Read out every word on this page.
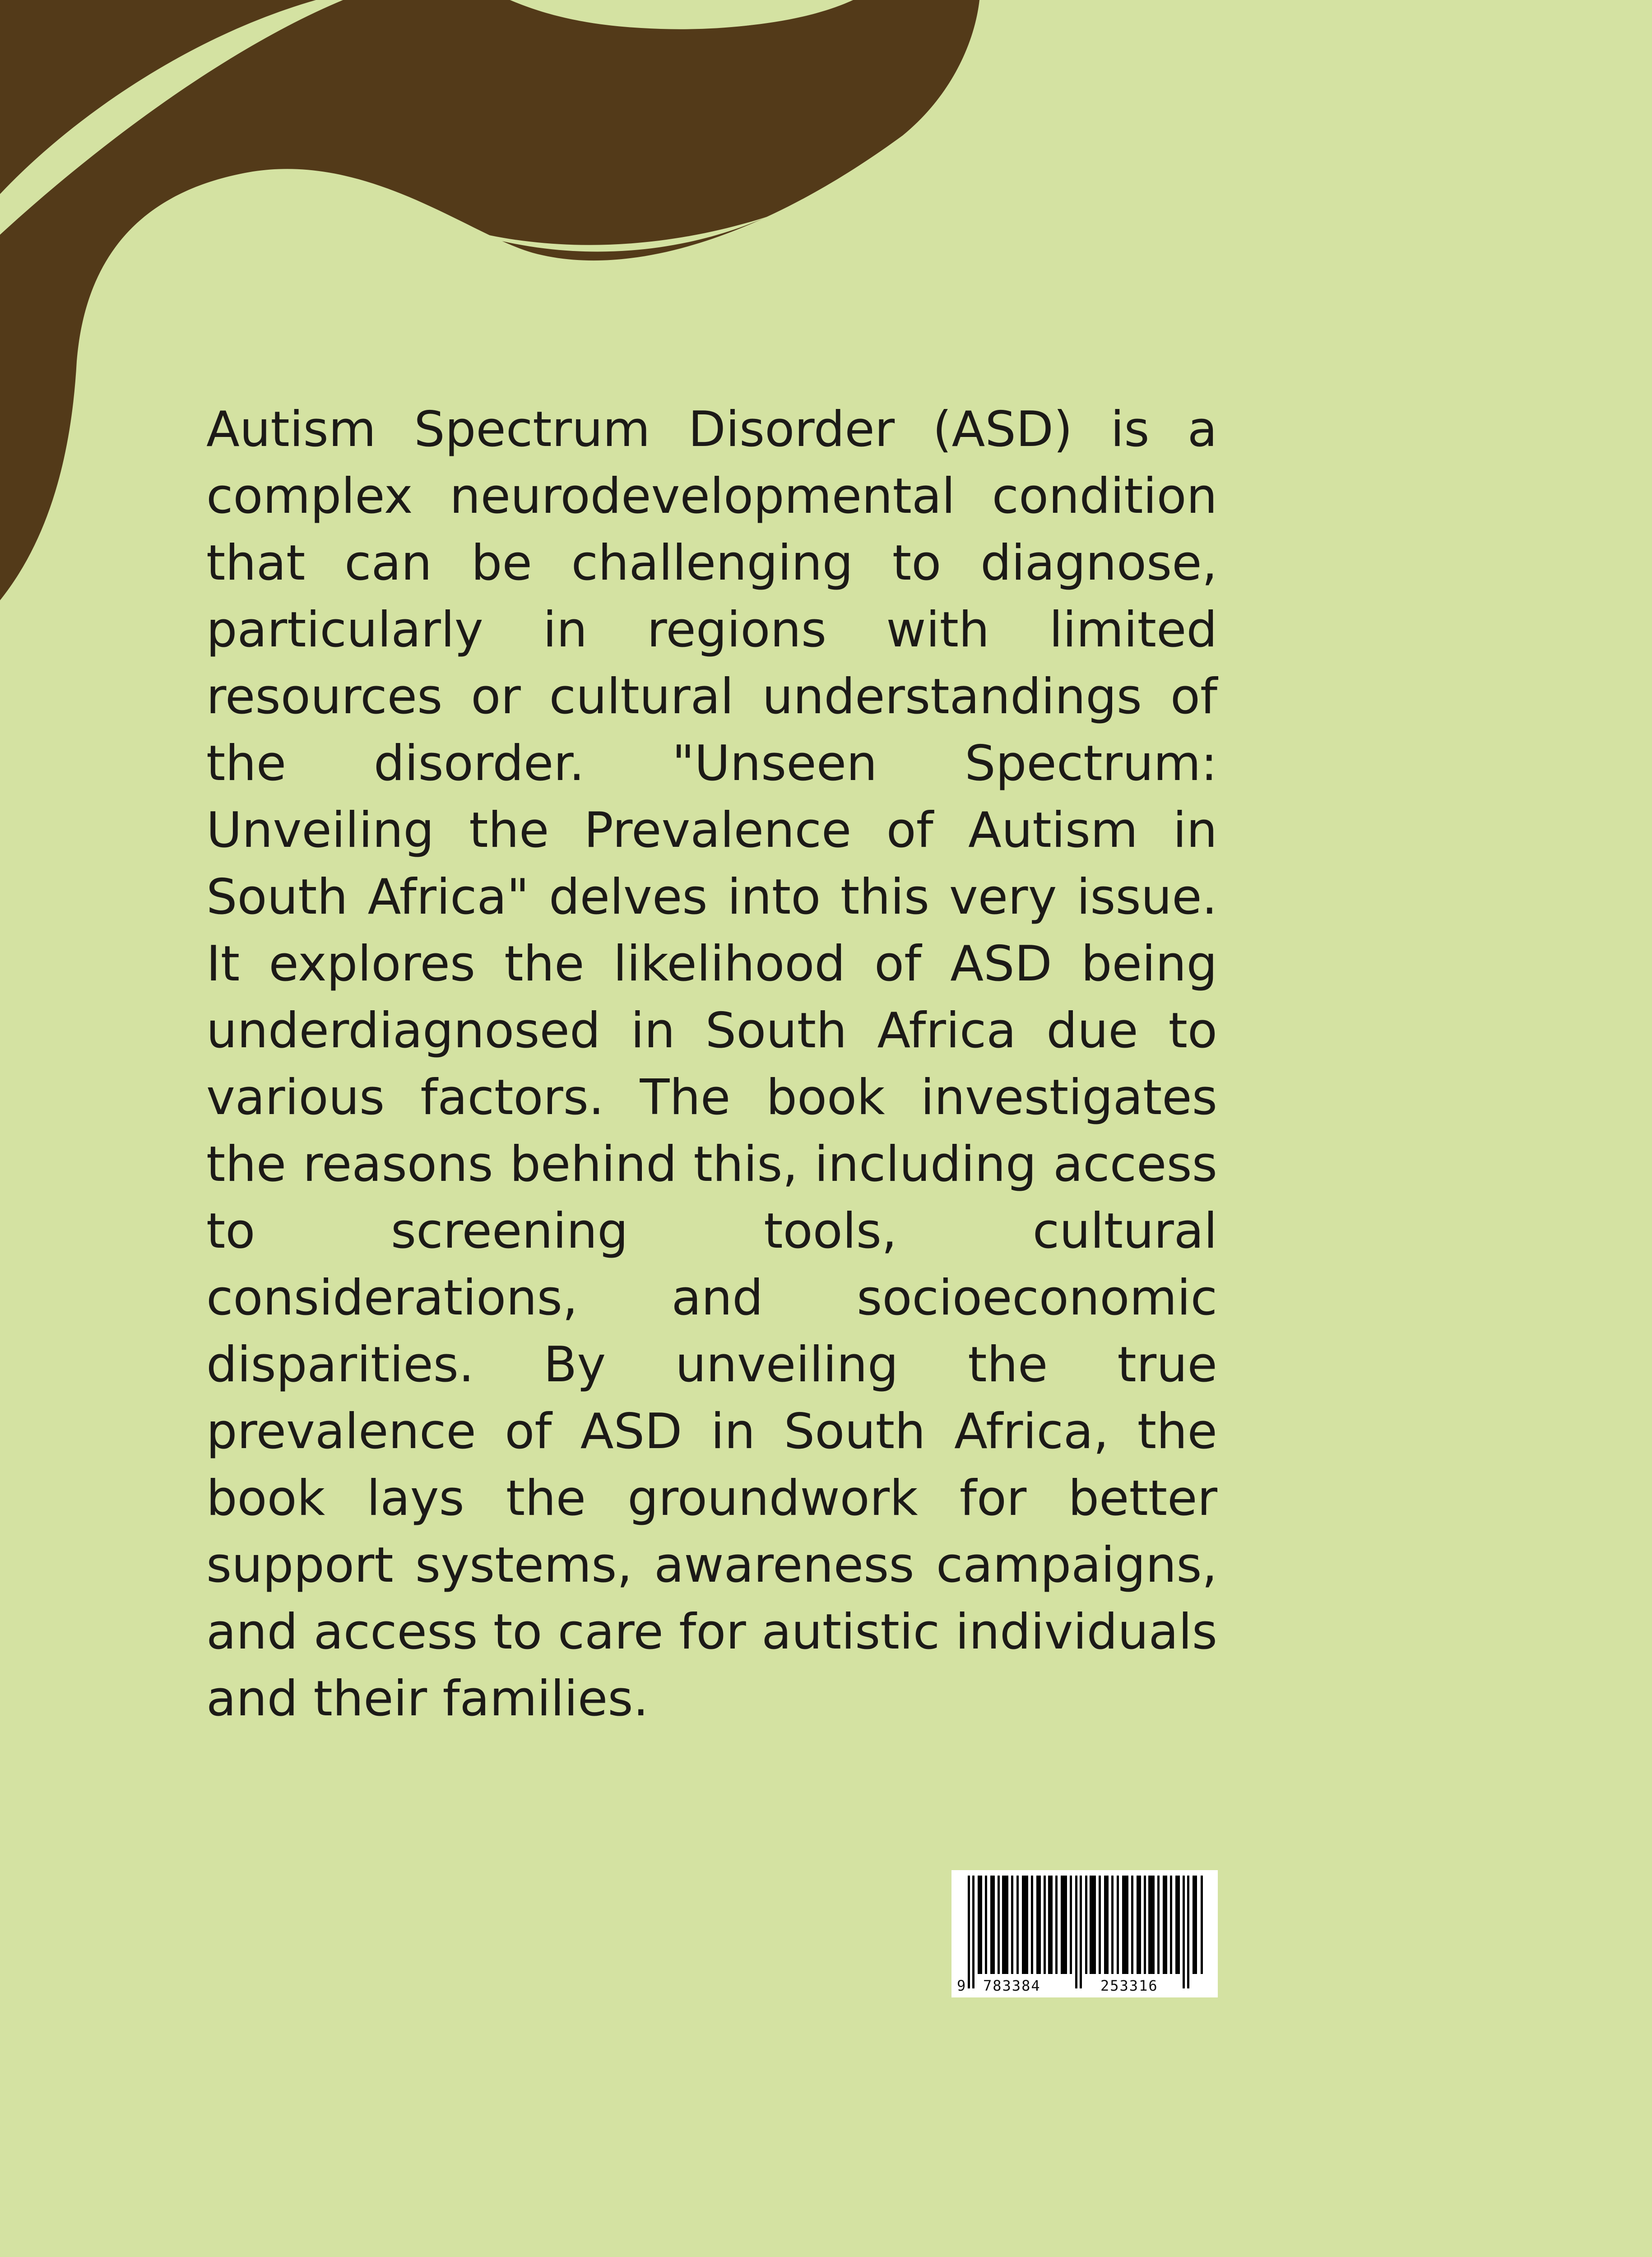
Autism Spectrum Disorder (ASD) is a complex neurodevelopmental condition that can be challenging to diagnose, particularly in regions with limited resources or cultural understandings of the disorder. "Unseen Spectrum: Unveiling the Prevalence of Autism in South Africa" delves into this very issue. It explores the likelihood of ASD being underdiagnosed in South Africa due to various factors. The book investigates the reasons behind this, including access to screening tools, cultural considerations, and socioeconomic disparities. By unveiling the true prevalence of ASD in South Africa, the book lays the groundwork for better support systems, awareness campaigns, and access to care for autistic individuals and their families.

9 783384	253316
